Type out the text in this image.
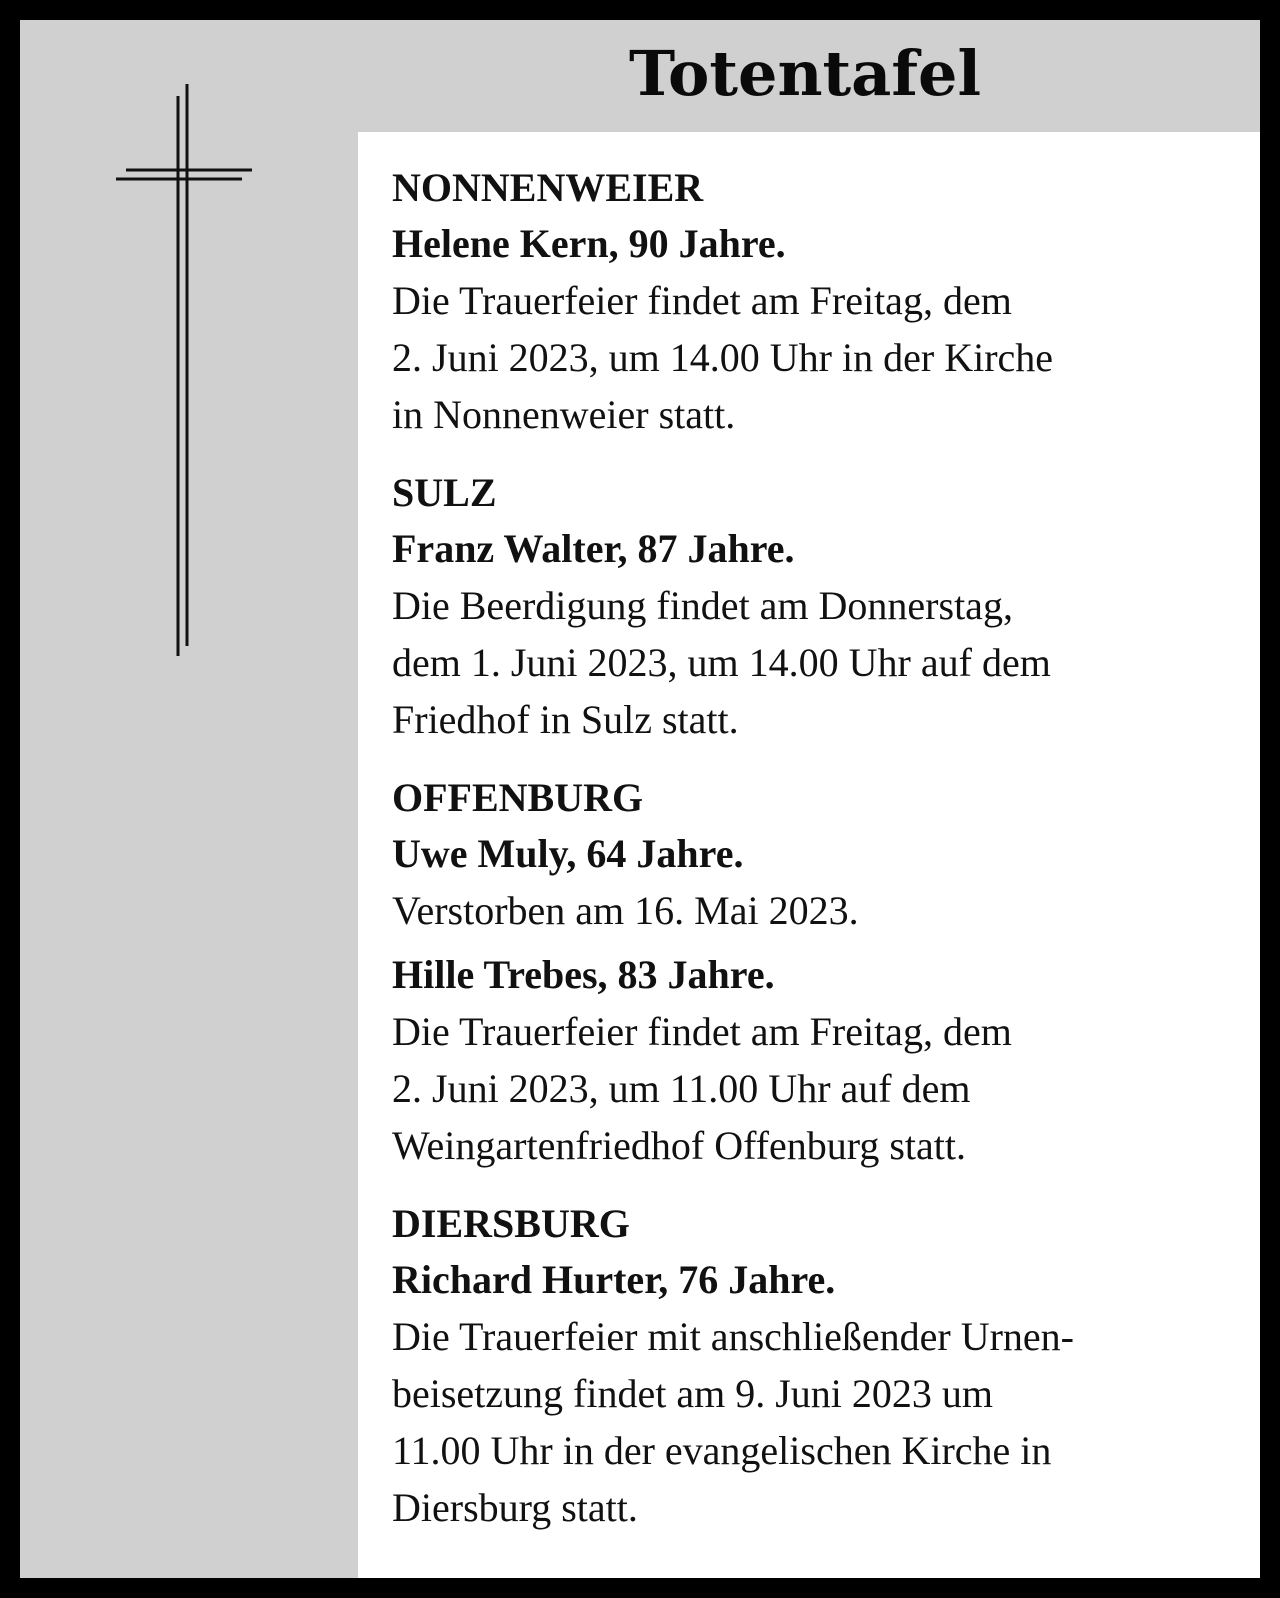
Totentafel
NONNENWEIER
Helene Kern, 90 Jahre.
Die Trauerfeier findet am Freitag, dem
2. Juni 2023, um 14.00 Uhr in der Kirche
in Nonnenweier statt.
SULZ
Franz Walter, 87 Jahre.
Die Beerdigung findet am Donnerstag,
dem 1. Juni 2023, um 14.00 Uhr auf dem
Friedhof in Sulz statt.
OFFENBURG
Uwe Muly, 64 Jahre.
Verstorben am 16. Mai 2023.
Hille Trebes, 83 Jahre.
Die Trauerfeier findet am Freitag, dem
2. Juni 2023, um 11.00 Uhr auf dem
Weingartenfriedhof Offenburg statt.
DIERSBURG
Richard Hurter, 76 Jahre.
Die Trauerfeier mit anschließender Urnen-
beisetzung findet am 9. Juni 2023 um
11.00 Uhr in der evangelischen Kirche in
Diersburg statt.
